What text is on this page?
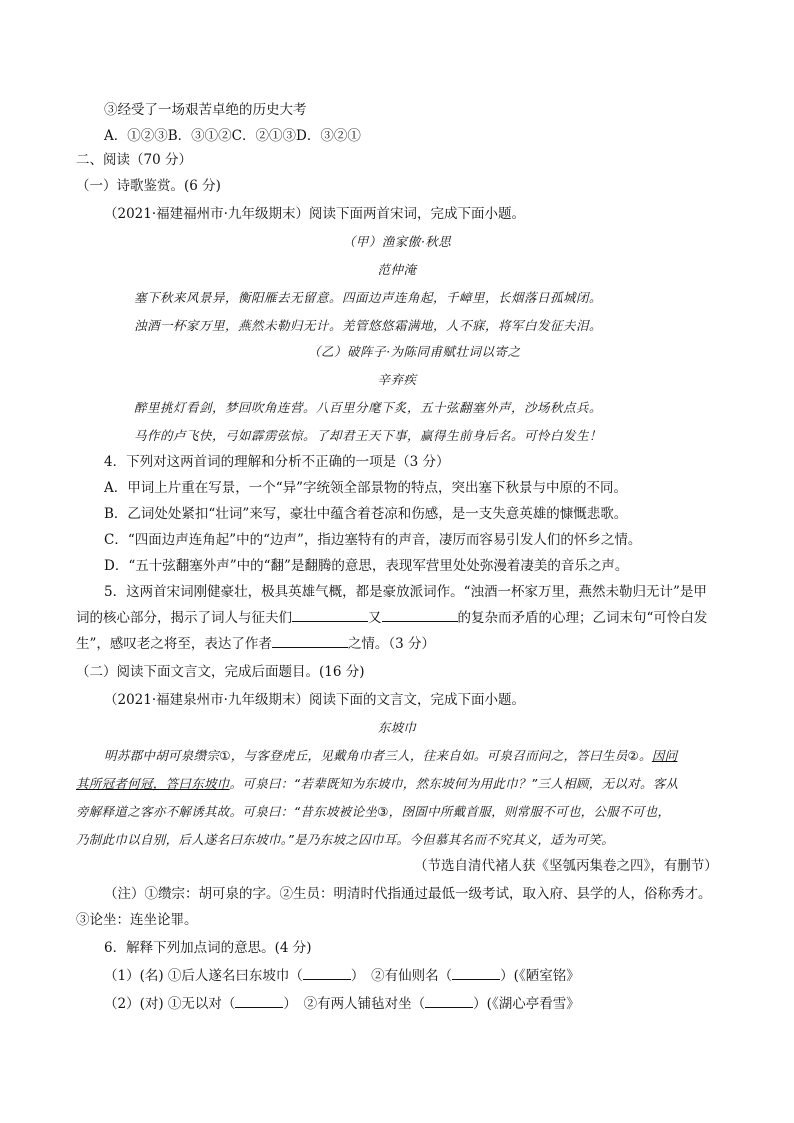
③经受了一场艰苦卓绝的历史大考
A．①②③B．③①②C．②①③D．③②①
二、阅读（70 分）
（一）诗歌鉴赏。(6 分)
（2021·福建福州市·九年级期末）阅读下面两首宋词，完成下面小题。
（甲）渔家傲·秋思
范仲淹
塞下秋来风景异，衡阳雁去无留意。四面边声连角起，千嶂里，长烟落日孤城闭。
浊酒一杯家万里，燕然未勒归无计。羌管悠悠霜满地，人不寐，将军白发征夫泪。
（乙）破阵子·为陈同甫赋壮词以寄之
辛弃疾
醉里挑灯看剑，梦回吹角连营。八百里分麾下炙，五十弦翻塞外声，沙场秋点兵。
马作的卢飞快，弓如霹雳弦惊。了却君王天下事，赢得生前身后名。可怜白发生！
4．下列对这两首词的理解和分析不正确的一项是（3 分）
A．甲词上片重在写景，一个“异”字统领全部景物的特点，突出塞下秋景与中原的不同。
B．乙词处处紧扣“壮词”来写，豪壮中蕴含着苍凉和伤感，是一支失意英雄的慷慨悲歌。
C．“四面边声连角起”中的“边声”，指边塞特有的声音，凄厉而容易引发人们的怀乡之情。
D．“五十弦翻塞外声”中的“翻”是翻腾的意思，表现军营里处处弥漫着凄美的音乐之声。
5．这两首宋词刚健豪壮，极具英雄气概，都是豪放派词作。“浊酒一杯家万里，燕然未勒归无计”是甲
词的核心部分，揭示了词人与征夫们	又	的复杂而矛盾的心理；乙词末句“可怜白发
生”，感叹老之将至，表达了作者	之情。（3 分）
（二）阅读下面文言文，完成后面题目。(16 分)
（2021·福建泉州市·九年级期末）阅读下面的文言文，完成下面小题。
东坡巾
明苏郡中胡可泉缵宗①，与客登虎丘，见戴角巾者三人，往来自如。可泉召而问之，答曰生员②。因问
其所冠者何冠，答曰东坡巾。可泉曰：“若辈既知为东坡巾，然东坡何为用此巾？”三人相顾，无以对。客从
旁解释道之客亦不解诱其故。可泉曰：“昔东坡被论坐③，囹圄中所戴首服，则常服不可也，公服不可也，
乃制此巾以自别，后人遂名曰东坡巾。”是乃东坡之囚巾耳。今但慕其名而不究其义，适为可笑。
（节选自清代褚人获《坚瓠丙集卷之四》，有删节）
（注）①缵宗：胡可泉的字。②生员：明清时代指通过最低一级考试，取入府、县学的人，俗称秀才。
③论坐：连坐论罪。
6．解释下列加点词的意思。(4 分)
（1）(名) ①后人遂名曰东坡巾（	）　②有仙则名（	）(《陋室铭》
（2）(对) ①无以对（	）　②有两人铺毡对坐（	）(《湖心亭看雪》
